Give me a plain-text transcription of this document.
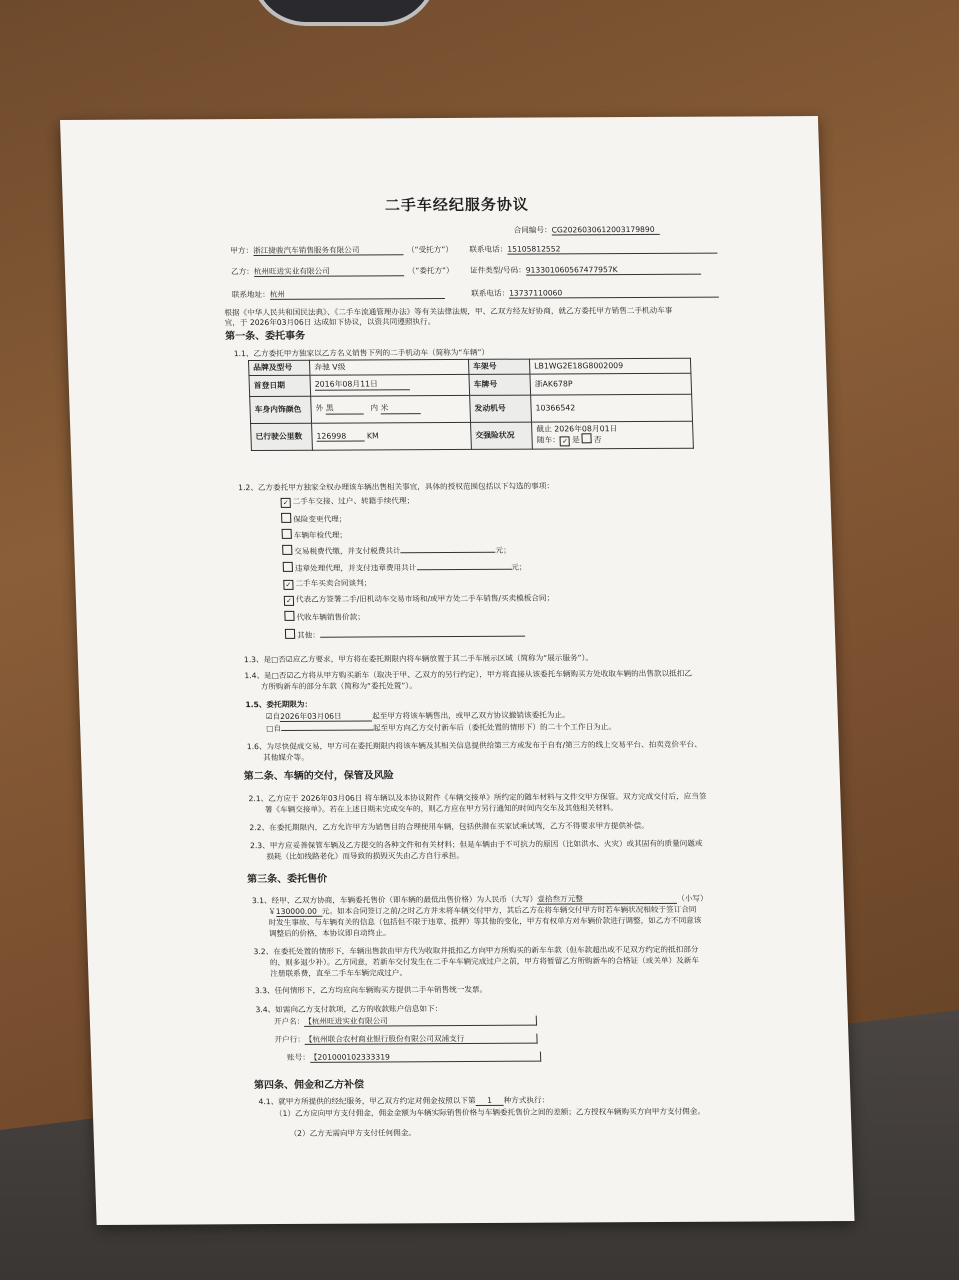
二手车经纪服务协议
合同编号：CG2026030612003179890
甲方：浙江捷骏汽车销售服务有限公司	（“受托方”） 联系电话：15105812552
乙方：杭州旺进实业有限公司	（“委托方”） 证件类型/号码：913301060567477957K
联系地址：杭州	联系电话：13737110060
根据《中华人民共和国民法典》、《二手车流通管理办法》等有关法律法规，甲、乙双方经友好协商，就乙方委托甲方销售二手机动车事
宜，于 2026年03月06日 达成如下协议，以资共同遵照执行。
第一条、委托事务
1.1、乙方委托甲方独家以乙方名义销售下列的二手机动车（简称为“车辆”）
品牌及型号	奔驰 V级	车架号	LB1WG2E18G8002009
首登日期	2016年08月11日	车牌号	浙AK678P
车身内饰颜色	外 黑 内 米	发动机号	10366542
已行驶公里数	126998 KM	交强险状况	截止 2026年08月01日
随车： ✓ 是 否
1.2、乙方委托甲方独家全权办理该车辆出售相关事宜，具体的授权范围包括以下勾选的事项：
✓ 二手车交接、过户、转籍手续代理；
保险变更代理；
车辆年检代理；
交易税费代缴，并支付税费共计	元；
违章处理代理，并支付违章费用共计	元；
✓ 二手车买卖合同谈判；
✓ 代表乙方签署二手/旧机动车交易市场和/或甲方处二手车销售/买卖模板合同；
代收车辆销售价款；
其他：
1.3、是□否☑应乙方要求，甲方将在委托期限内将车辆放置于其二手车展示区域（简称为“展示服务”）。
1.4、是□否☑乙方将从甲方购买新车（取决于甲、乙双方的另行约定），甲方将直接从该委托车辆购买方处收取车辆的出售款以抵扣乙
方所购新车的部分车款（简称为“委托处置”）。
1.5、委托期限为：
☑自2026年03月06日	起至甲方将该车辆售出，或甲乙双方协议撤销该委托为止。
□自	起至甲方向乙方交付新车后（委托处置的情形下）的二十个工作日为止。
1.6、为尽快促成交易，甲方可在委托期限内将该车辆及其相关信息提供给第三方或发布于自有/第三方的线上交易平台、拍卖竞价平台、
其他媒介等。
第二条、车辆的交付，保管及风险
2.1、乙方应于 2026年03月06日 将车辆以及本协议附件《车辆交接单》所约定的随车材料与文件交甲方保管。双方完成交付后，应当签
署《车辆交接单》。若在上述日期未完成交车的，则乙方应在甲方另行通知的时间内交车及其他相关材料。
2.2、在委托期限内，乙方允许甲方为销售目的合理使用车辆，包括供潜在买家试乘试驾，乙方不得要求甲方提供补偿。
2.3、甲方应妥善保管车辆及乙方提交的各种文件和有关材料；但是车辆由于不可抗力的原因（比如洪水、火灾）或其固有的质量问题或
损耗（比如线路老化）而导致的损毁灭失由乙方自行承担。
第三条、委托售价
3.1、经甲、乙双方协商，车辆委托售价（即车辆的最低出售价格）为人民币（大写）壹拾叁万元整	（小写）
￥130000.00 元。如本合同签订之前/之时乙方并未将车辆交付甲方，其后乙方在将车辆交付甲方时若车辆状况相较于签订合同
时发生事故、与车辆有关的信息（包括但不限于违章、抵押）等其他的变化，甲方有权单方对车辆价款进行调整，如乙方不同意该
调整后的价格，本协议即自动终止。
3.2、在委托处置的情形下，车辆出售款由甲方代为收取并抵扣乙方向甲方所购买的新车车款（但车款超出或不足双方约定的抵扣部分
的，则多退少补）。乙方同意，若新车交付发生在二手车车辆完成过户之前，甲方将暂留乙方所购新车的合格证（或关单）及新车
注册联系费，直至二手车车辆完成过户。
3.3、任何情形下，乙方均应向车辆购买方提供二手车销售统一发票。
3.4、如需向乙方支付款项，乙方的收款账户信息如下：
开户名：【杭州旺进实业有限公司
开户行：【杭州联合农村商业银行股份有限公司双浦支行
账号：【201000102333319
第四条、佣金和乙方补偿
4.1、就甲方所提供的经纪服务，甲乙双方约定对佣金按照以下第 1 种方式执行：
（1）乙方应向甲方支付佣金，佣金金额为车辆实际销售价格与车辆委托售价之间的差额；乙方授权车辆购买方向甲方支付佣金。
（2）乙方无需向甲方支付任何佣金。
